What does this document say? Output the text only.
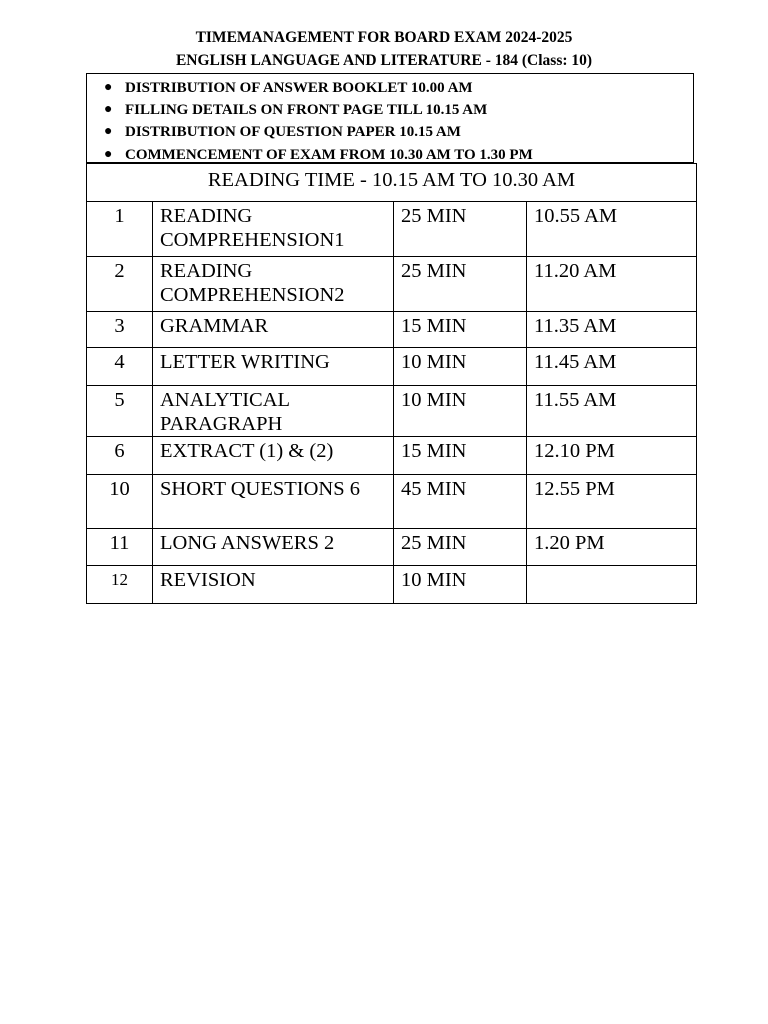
TIMEMANAGEMENT FOR BOARD EXAM 2024-2025
ENGLISH LANGUAGE AND LITERATURE - 184 (Class: 10)
● DISTRIBUTION OF ANSWER BOOKLET 10.00 AM
● FILLING DETAILS ON FRONT PAGE TILL 10.15 AM
● DISTRIBUTION OF QUESTION PAPER 10.15 AM
● COMMENCEMENT OF EXAM FROM 10.30 AM TO 1.30 PM
READING TIME - 10.15 AM TO 10.30 AM			
1	READING COMPREHENSION1	25 MIN	10.55 AM
2	READING COMPREHENSION2	25 MIN	11.20 AM
3	GRAMMAR	15 MIN	11.35 AM
4	LETTER WRITING	10 MIN	11.45 AM
5	ANALYTICAL PARAGRAPH	10 MIN	11.55 AM
6	EXTRACT (1) & (2)	15 MIN	12.10 PM
10	SHORT QUESTIONS 6	45 MIN	12.55 PM
11	LONG ANSWERS 2	25 MIN	1.20 PM
12	REVISION	10 MIN	
